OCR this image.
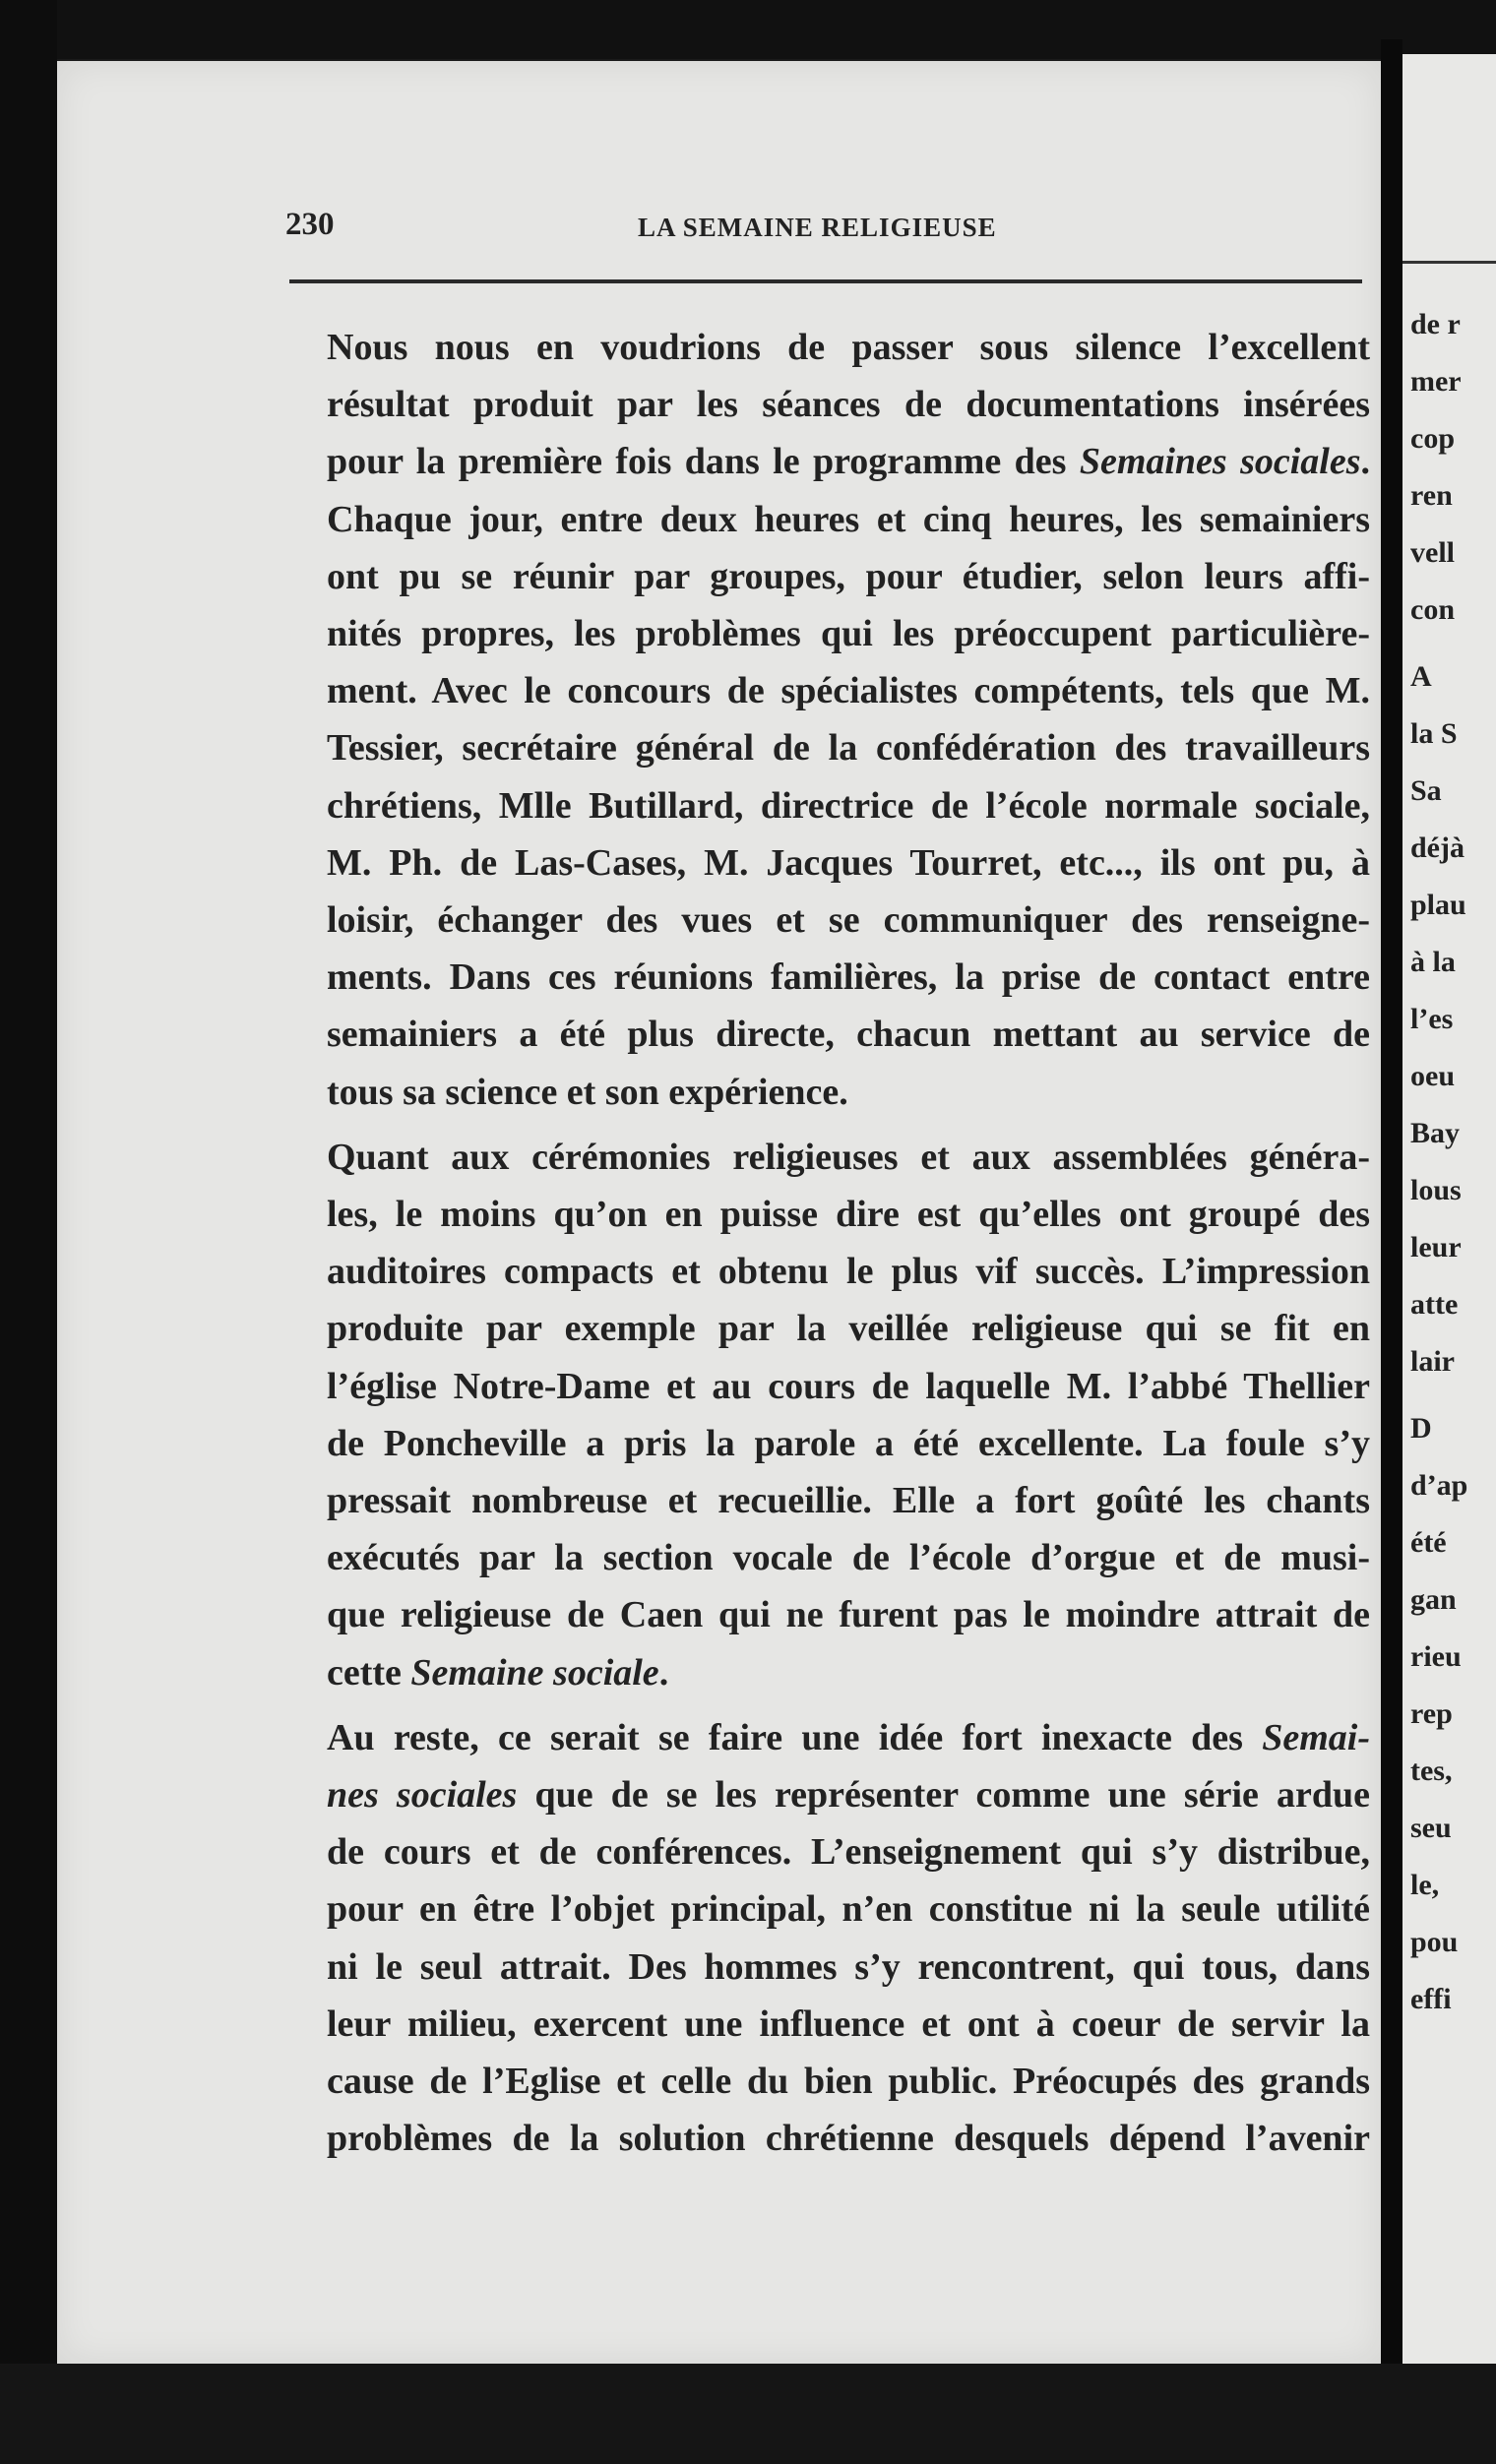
230	LA SEMAINE RELIGIEUSE

Nous nous en voudrions de passer sous silence l’excellent
résultat produit par les séances de documentations insérées
pour la première fois dans le programme des Semaines sociales.
Chaque jour, entre deux heures et cinq heures, les semainiers
ont pu se réunir par groupes, pour étudier, selon leurs affi-
nités propres, les problèmes qui les préoccupent particulière-
ment. Avec le concours de spécialistes compétents, tels que M.
Tessier, secrétaire général de la confédération des travailleurs
chrétiens, Mlle Butillard, directrice de l’école normale sociale,
M. Ph. de Las-Cases, M. Jacques Tourret, etc..., ils ont pu, à
loisir, échanger des vues et se communiquer des renseigne-
ments. Dans ces réunions familières, la prise de contact entre
semainiers a été plus directe, chacun mettant au service de
tous sa science et son expérience.

Quant aux cérémonies religieuses et aux assemblées généra-
les, le moins qu’on en puisse dire est qu’elles ont groupé des
auditoires compacts et obtenu le plus vif succès. L’impression
produite par exemple par la veillée religieuse qui se fit en
l’église Notre-Dame et au cours de laquelle M. l’abbé Thellier
de Poncheville a pris la parole a été excellente. La foule s’y
pressait nombreuse et recueillie. Elle a fort goûté les chants
exécutés par la section vocale de l’école d’orgue et de musi-
que religieuse de Caen qui ne furent pas le moindre attrait de
cette Semaine sociale.

Au reste, ce serait se faire une idée fort inexacte des Semai-
nes sociales que de se les représenter comme une série ardue
de cours et de conférences. L’enseignement qui s’y distribue,
pour en être l’objet principal, n’en constitue ni la seule utilité
ni le seul attrait. Des hommes s’y rencontrent, qui tous, dans
leur milieu, exercent une influence et ont à coeur de servir la
cause de l’Eglise et celle du bien public. Préocupés des grands
problèmes de la solution chrétienne desquels dépend l’avenir

de r
mer
cop
ren
vell
con
A
la S
Sa
déjà
plau
à la
l’es
oeu
Bay
lous
leur
atte
lair
D
d’ap
été
gan
rieu
rep
tes,
seu
le,
pou
effi
